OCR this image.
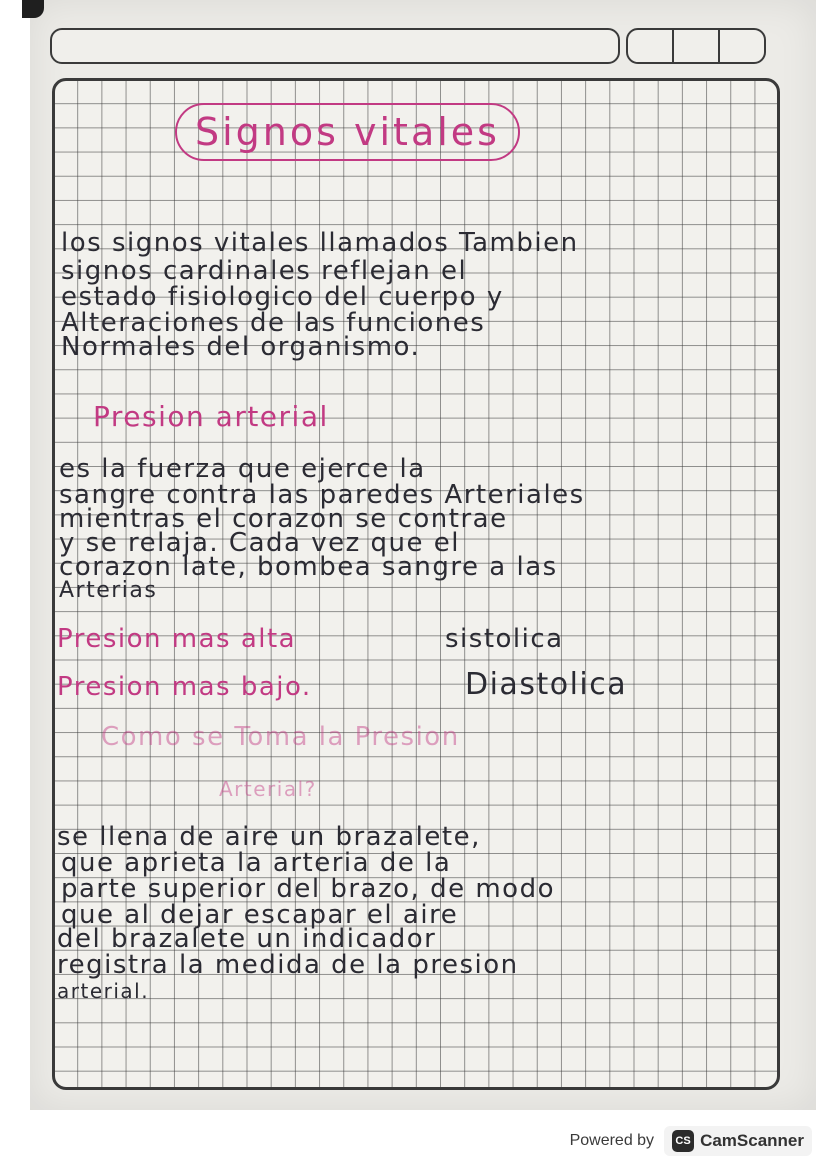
Signos vitales
los signos vitales llamados Tambien
signos cardinales reflejan el
estado fisiologico del cuerpo y
Alteraciones de las funciones
Normales del organismo.
Presion arterial
es la fuerza que ejerce la
sangre contra las paredes Arteriales
mientras el corazon se contrae
y se relaja. Cada vez que el
corazon late, bombea sangre a las
Arterias
Presion mas alta	sistolica
Presion mas bajo.	Diastolica
Como se Toma la Presion
Arterial?
se llena de aire un brazalete,
que aprieta la arteria de la
parte superior del brazo, de modo
que al dejar escapar el aire
del brazalete un indicador
registra la medida de la presion
arterial.
Powered by	CS CamScanner
